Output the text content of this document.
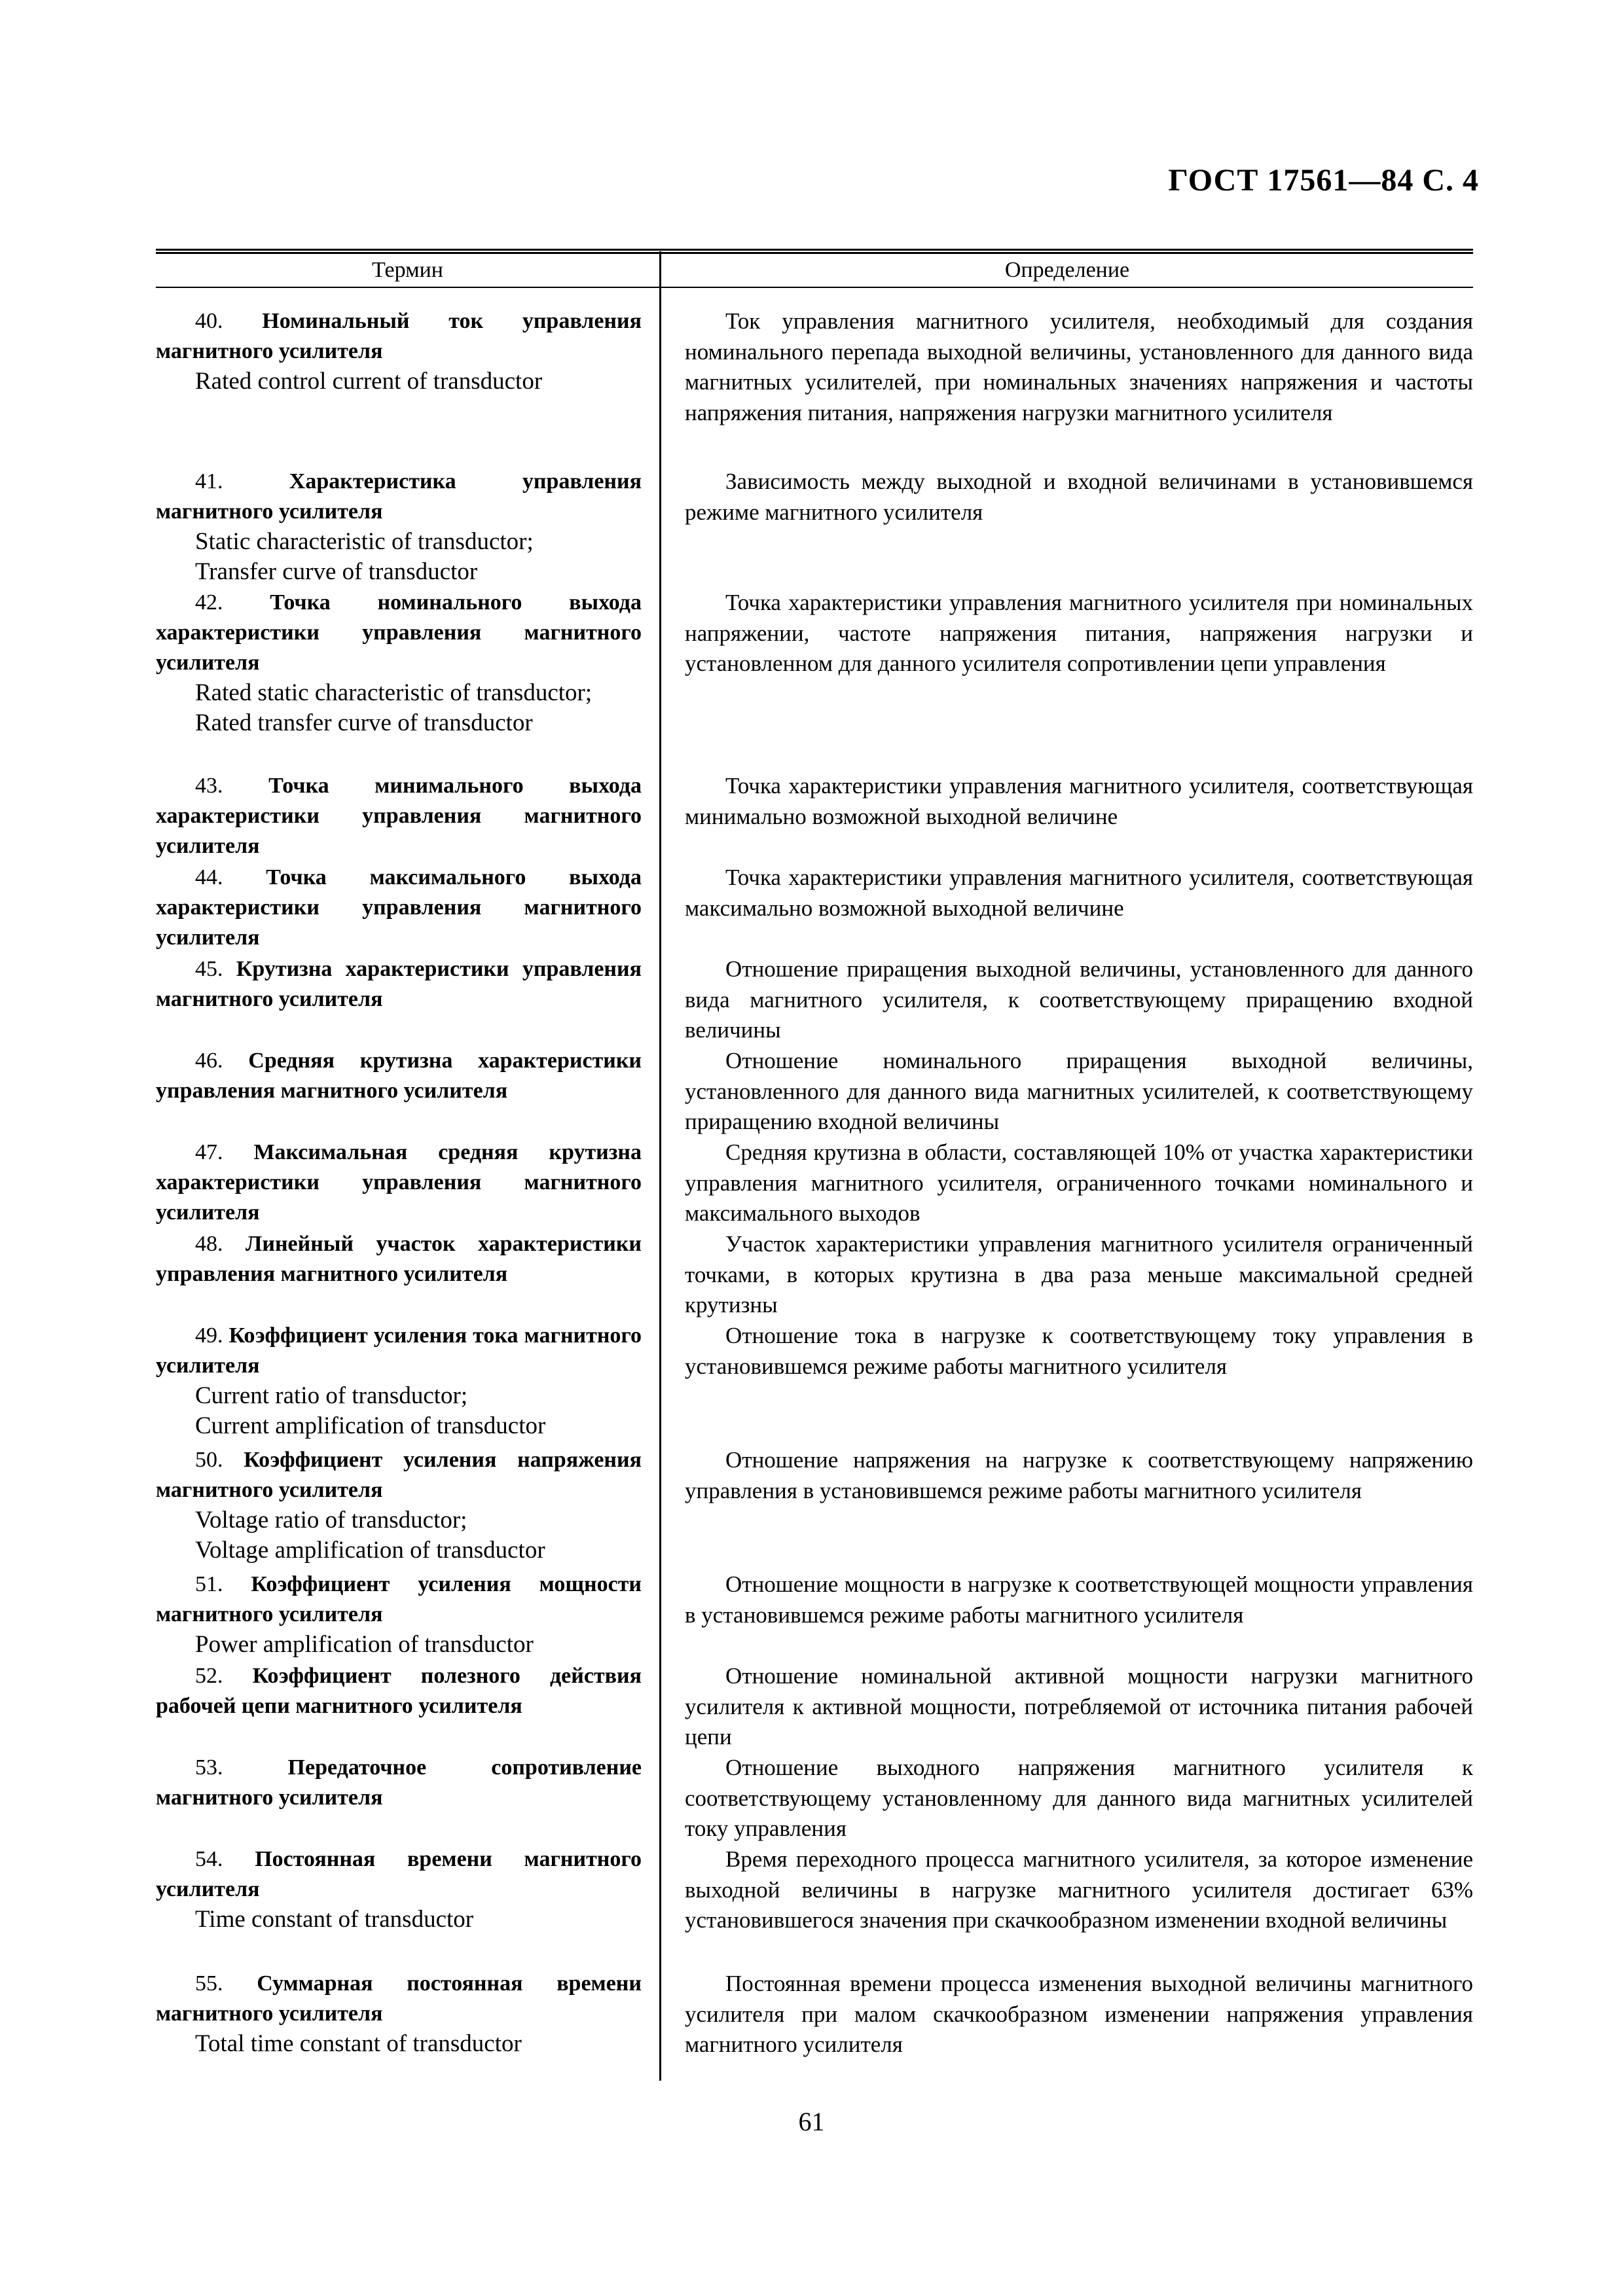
ГОСТ 17561—84 С. 4
Термин	Определение
40. Номинальный ток управления магнитного усилителя
Rated control current of transductor
Ток управления магнитного усилителя, необходимый для создания номинального перепада выходной величины, установленного для данного вида магнитных усилителей, при номинальных значениях напряжения и частоты напряжения питания, напряжения нагрузки магнитного усилителя
41.	Характеристика управления магнитного усилителя
Static characteristic of transductor;
Transfer curve of transductor
Зависимость между выходной и входной величинами в установившемся режиме магнитного усилителя
42. Точка номинального выхода характеристики управления магнитного усилителя
Rated static characteristic of transductor;
Rated transfer curve of transductor
Точка характеристики управления магнитного усилителя при номинальных напряжении, частоте напряжения питания, напряжения нагрузки и установленном для данного усилителя сопротивлении цепи управления
43. Точка минимального выхода характеристики управления магнитного усилителя
Точка характеристики управления магнитного усилителя, соответствующая минимально возможной выходной величине
44. Точка максимального выхода характеристики управления магнитного усилителя
Точка характеристики управления магнитного усилителя, соответствующая максимально возможной выходной величине
45. Крутизна характеристики управления магнитного усилителя
Отношение приращения выходной величины, установленного для данного вида магнитного усилителя, к соответствующему приращению входной величины
46. Средняя крутизна характеристики управления магнитного усилителя
Отношение номинального приращения выходной величины, установленного для данного вида магнитных усилителей, к соответствующему приращению входной величины
47. Максимальная средняя крутизна характеристики управления магнитного усилителя
Средняя крутизна в области, составляющей 10% от участка характеристики управления магнитного усилителя, ограниченного точками номинального и максимального выходов
48. Линейный участок характеристики управления магнитного усилителя
Участок характеристики управления магнитного усилителя ограниченный точками, в которых крутизна в два раза меньше максимальной средней крутизны
49. Коэффициент усиления тока магнитного усилителя
Current ratio of transductor;
Current amplification of transductor
Отношение тока в нагрузке к соответствующему току управления в установившемся режиме работы магнитного усилителя
50. Коэффициент усиления напряжения магнитного усилителя
Voltage ratio of transductor;
Voltage amplification of transductor
Отношение напряжения на нагрузке к соответствующему напряжению управления в установившемся режиме работы магнитного усилителя
51. Коэффициент усиления мощности магнитного усилителя
Power amplification of transductor
Отношение мощности в нагрузке к соответствующей мощности управления в установившемся режиме работы магнитного усилителя
52. Коэффициент полезного действия рабочей цепи магнитного усилителя
Отношение номинальной активной мощности нагрузки магнитного усилителя к активной мощности, потребляемой от источника питания рабочей цепи
53.	Передаточное сопротивление магнитного усилителя
Отношение выходного напряжения магнитного усилителя к соответствующему установленному для данного вида магнитных усилителей току управления
54. Постоянная времени магнитного усилителя
Time constant of transductor
Время переходного процесса магнитного усилителя, за которое изменение выходной величины в нагрузке магнитного усилителя достигает 63% установившегося значения при скачкообразном изменении входной величины
55. Суммарная постоянная времени магнитного усилителя
Total time constant of transductor
Постоянная времени процесса изменения выходной величины магнитного усилителя при малом скачкообразном изменении напряжения управления магнитного усилителя
61
